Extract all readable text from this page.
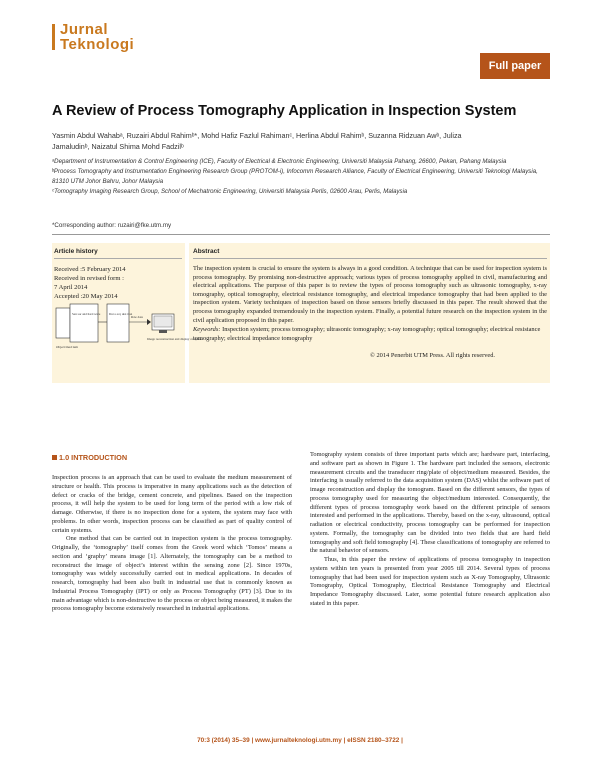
Jurnal
Teknologi
Full paper
A Review of Process Tomography Application in Inspection System
Yasmin Abdul Wahabᵃ, Ruzairi Abdul Rahimᵇ*, Mohd Hafiz Fazlul Rahimanᶜ, Herlina Abdul Rahimᵇ, Suzanna Ridzuan Awᵇ, Juliza
Jamaludinᵇ, Naizatul Shima Mohd Fadzilᵇ

ᵃDepartment of Instrumentation & Control Engineering (ICE), Faculty of Electrical & Electronic Engineering, Universiti Malaysia Pahang, 26600, Pekan, Pahang Malaysia

ᵇProcess Tomography and Instrumentation Engineering Research Group (PROTOM-i), Infocomm Research Alliance, Faculty of Electrical Engineering, Universiti Teknologi Malaysia, 81310 UTM Johor Bahru, Johor Malaysia

ᶜTomography Imaging Research Group, School of Mechatronic Engineering, Universiti Malaysia Perlis, 02600 Arau, Perlis, Malaysia

*Corresponding author: ruzairi@fke.utm.my
Article history
Received :5 February 2014
Received in revised form :
7 April 2014
Accepted :20 May 2014
Object/med ium
Sen sor and hard ware	Dat a acq uisi tion
Raw data
Image reconstruction and display computer
Abstract
The inspection system is crucial to ensure the system is always in a good condition. A technique that can be used for inspection system is process tomography. By promising non-destructive approach; various types of process tomography applied in civil, manufacturing and electrical applications. The purpose of this paper is to review the types of process tomography such as ultrasonic tomography, x-ray tomography, optical tomography, electrical resistance tomography, and electrical impedance tomography that had been applied to the inspection system. Variety techniques of inspection based on those sensors briefly discussed in this paper. The result showed that the process tomography expanded tremendously in the inspection system. Finally, a potential future research on the inspection system in the civil application proposed in this paper.
Keywords: Inspection system; process tomography; ultrasonic tomography; x-ray tomography; optical tomography; electrical resistance tomography; electrical impedance tomography
© 2014 Penerbit UTM Press. All rights reserved.
1.0 INTRODUCTION

Inspection process is an approach that can be used to evaluate the medium measurement of structure or health. This process is imperative in many applications such as the detection of defect or cracks of the bridge, cement concrete, and pipelines. Based on the inspection process, it will help the system to be used for long term of the period with a low risk of damage. Otherwise, if there is no inspection done for a system, the system may face with problems. In other words, inspection process can be classified as part of quality control of certain systems.

One method that can be carried out in inspection system is the process tomography. Originally, the ‘tomography’ itself comes from the Greek word which ‘Tomos’ means a section and ‘graphy’ means image [1]. Alternately, the tomography can be a method to reconstruct the image of object’s interest within the sensing zone [2]. Since 1970s, tomography was widely successfully carried out in medical applications. In decades of research, tomography had been also built in industrial use that is commonly known as Industrial Process Tomography (IPT) or only as Process Tomography (PT) [3]. Due to its main advantage which is non-destructive to the process or object being measured, it makes the process tomography become extensively researched in industrial applications.

Tomography system consists of three important parts which are; hardware part, interfacing, and software part as shown in Figure 1. The hardware part included the sensors, electronic measurement circuits and the transducer ring/plate of object/medium measured. Besides, the interfacing is usually referred to the data acquisition system (DAS) whilst the software part of image reconstruction and display the tomogram. Based on the different sensors, the types of process tomography used for measuring the object/medium interested. Consequently, the different types of process tomography work based on the different principle of sensors interested and performed in the applications. Thereby, based on the x-ray, ultrasound, optical radiation or electrical conductivity, process tomography can be performed for inspection system. Formally, the tomography can be divided into two fields that are hard field tomography and soft field tomography [4]. These classifications of tomography are referred to the natural behavior of sensors.

Thus, in this paper the review of applications of process tomography in inspection system within ten years is presented from year 2005 till 2014. Several types of process tomography that had been used for inspection system such as X-ray Tomography, Ultrasonic Tomography, Optical Tomography, Electrical Resistance Tomography and Electrical Impedance Tomography discussed. Later, some potential future research application also stated in this paper.

70:3 (2014) 35–39 | www.jurnalteknologi.utm.my | eISSN 2180–3722 |
